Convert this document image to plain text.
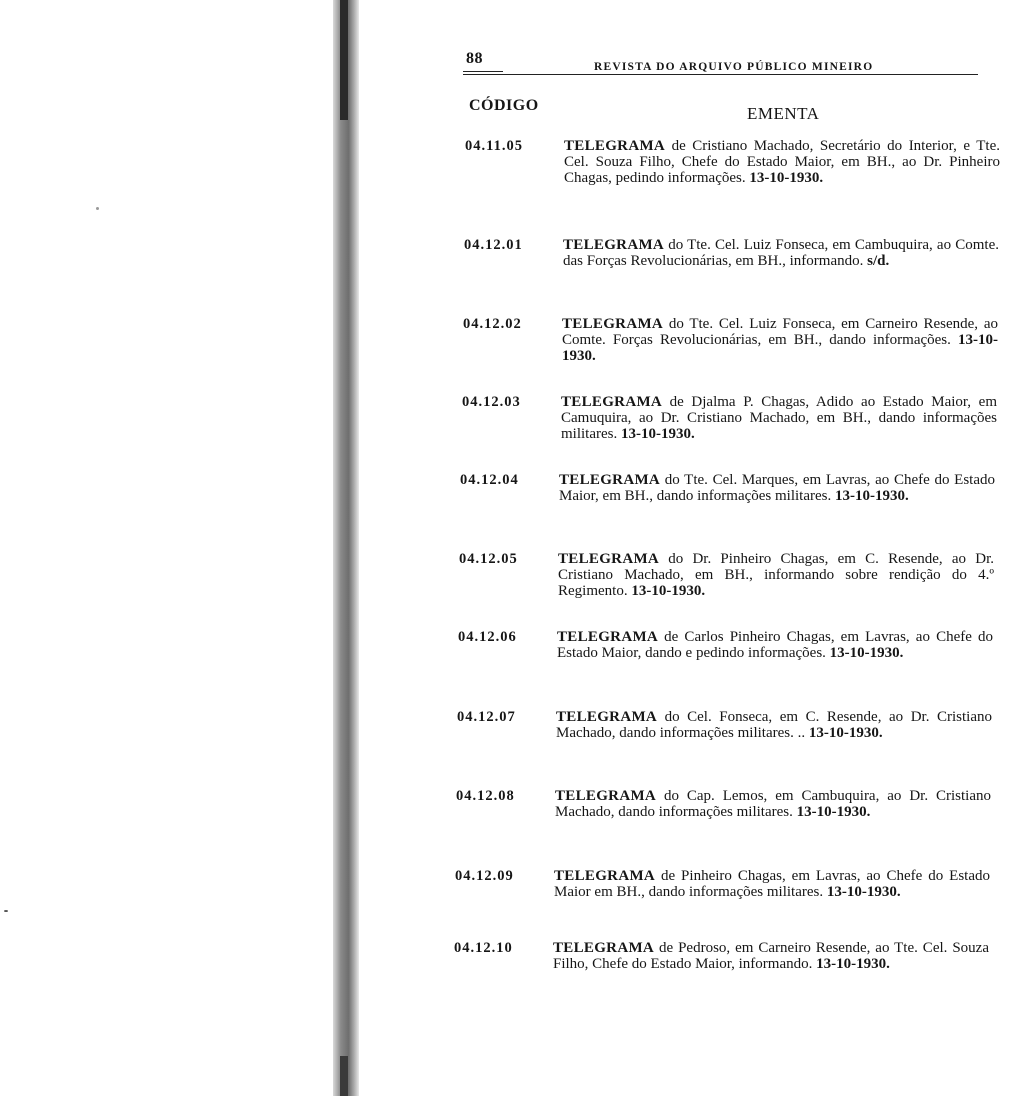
88	REVISTA DO ARQUIVO PÚBLICO MINEIRO
CÓDIGO	EMENTA
04.11.05	TELEGRAMA de Cristiano Machado, Secretário do Interior, e Tte. Cel. Souza Filho, Chefe do Estado Maior, em BH., ao Dr. Pinheiro Chagas, pedindo informações. 13-10-1930.
04.12.01	TELEGRAMA do Tte. Cel. Luiz Fonseca, em Cambuquira, ao Comte. das Forças Revolucionárias, em BH., informando. s/d.
04.12.02	TELEGRAMA do Tte. Cel. Luiz Fonseca, em Carneiro Resende, ao Comte. Forças Revolucionárias, em BH., dando informações. 13-10-1930.
04.12.03	TELEGRAMA de Djalma P. Chagas, Adido ao Estado Maior, em Camuquira, ao Dr. Cristiano Machado, em BH., dando informações militares. 13-10-1930.
04.12.04	TELEGRAMA do Tte. Cel. Marques, em Lavras, ao Chefe do Estado Maior, em BH., dando informações militares. 13-10-1930.
04.12.05	TELEGRAMA do Dr. Pinheiro Chagas, em C. Resende, ao Dr. Cristiano Machado, em BH., informando sobre rendição do 4.º Regimento. 13-10-1930.
04.12.06	TELEGRAMA de Carlos Pinheiro Chagas, em Lavras, ao Chefe do Estado Maior, dando e pedindo informações. 13-10-1930.
04.12.07	TELEGRAMA do Cel. Fonseca, em C. Resende, ao Dr. Cristiano Machado, dando informações militares. .. 13-10-1930.
04.12.08	TELEGRAMA do Cap. Lemos, em Cambuquira, ao Dr. Cristiano Machado, dando informações militares. 13-10-1930.
04.12.09	TELEGRAMA de Pinheiro Chagas, em Lavras, ao Chefe do Estado Maior em BH., dando informações militares. 13-10-1930.
04.12.10	TELEGRAMA de Pedroso, em Carneiro Resende, ao Tte. Cel. Souza Filho, Chefe do Estado Maior, informando. 13-10-1930.
